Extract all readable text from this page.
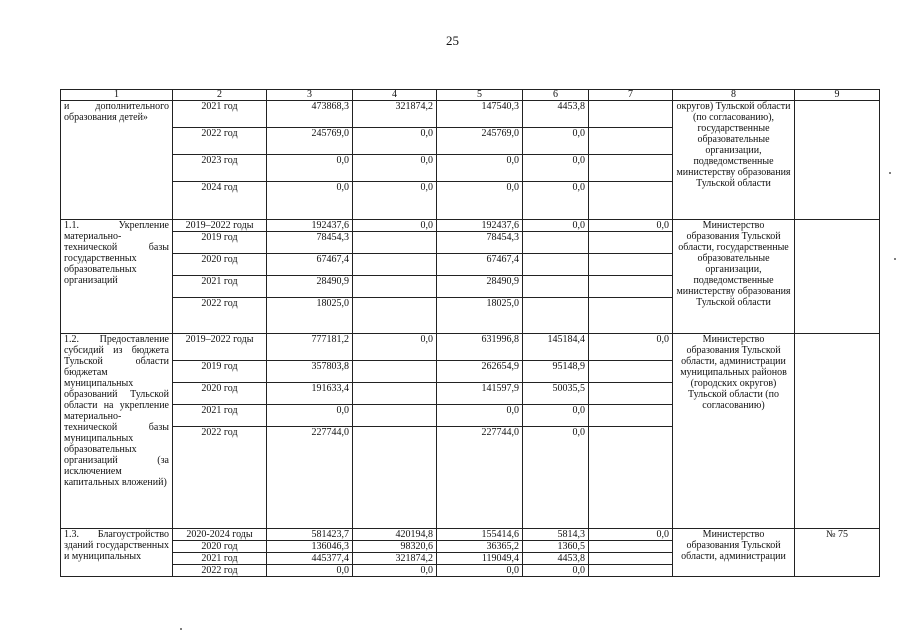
25
1	2	3	4	5	6	7	8	9
и дополнительного образования детей»	2021 год	473868,3	321874,2	147540,3	4453,8		округов) Тульской области (по согласованию), государственные образовательные организации, подведомственные министерству образования Тульской области	
	2022 год	245769,0	0,0	245769,0	0,0			
	2023 год	0,0	0,0	0,0	0,0			
	2024 год	0,0	0,0	0,0	0,0			
1.1. Укрепление материально-технической базы государственных образовательных организаций	2019–2022 годы	192437,6	0,0	192437,6	0,0	0,0	Министерство образования Тульской области, государственные образовательные организации, подведомственные министерству образования Тульской области	
	2019 год	78454,3		78454,3				
	2020 год	67467,4		67467,4				
	2021 год	28490,9		28490,9				
	2022 год	18025,0		18025,0				
1.2. Предоставление субсидий из бюджета Тульской области бюджетам муниципальных образований Тульской области на укрепление материально-технической базы муниципальных образовательных организаций (за исключением капитальных вложений)	2019–2022 годы	777181,2	0,0	631996,8	145184,4	0,0	Министерство образования Тульской области, администрации муниципальных районов (городских округов) Тульской области (по согласованию)	
	2019 год	357803,8		262654,9	95148,9			
	2020 год	191633,4		141597,9	50035,5			
	2021 год	0,0		0,0	0,0			
	2022 год	227744,0		227744,0	0,0			
1.3. Благоустройство зданий государственных и муниципальных	2020-2024 годы	581423,7	420194,8	155414,6	5814,3	0,0	Министерство образования Тульской области, администрации	№ 75
	2020 год	136046,3	98320,6	36365,2	1360,5			
	2021 год	445377,4	321874,2	119049,4	4453,8			
	2022 год	0,0	0,0	0,0	0,0			
